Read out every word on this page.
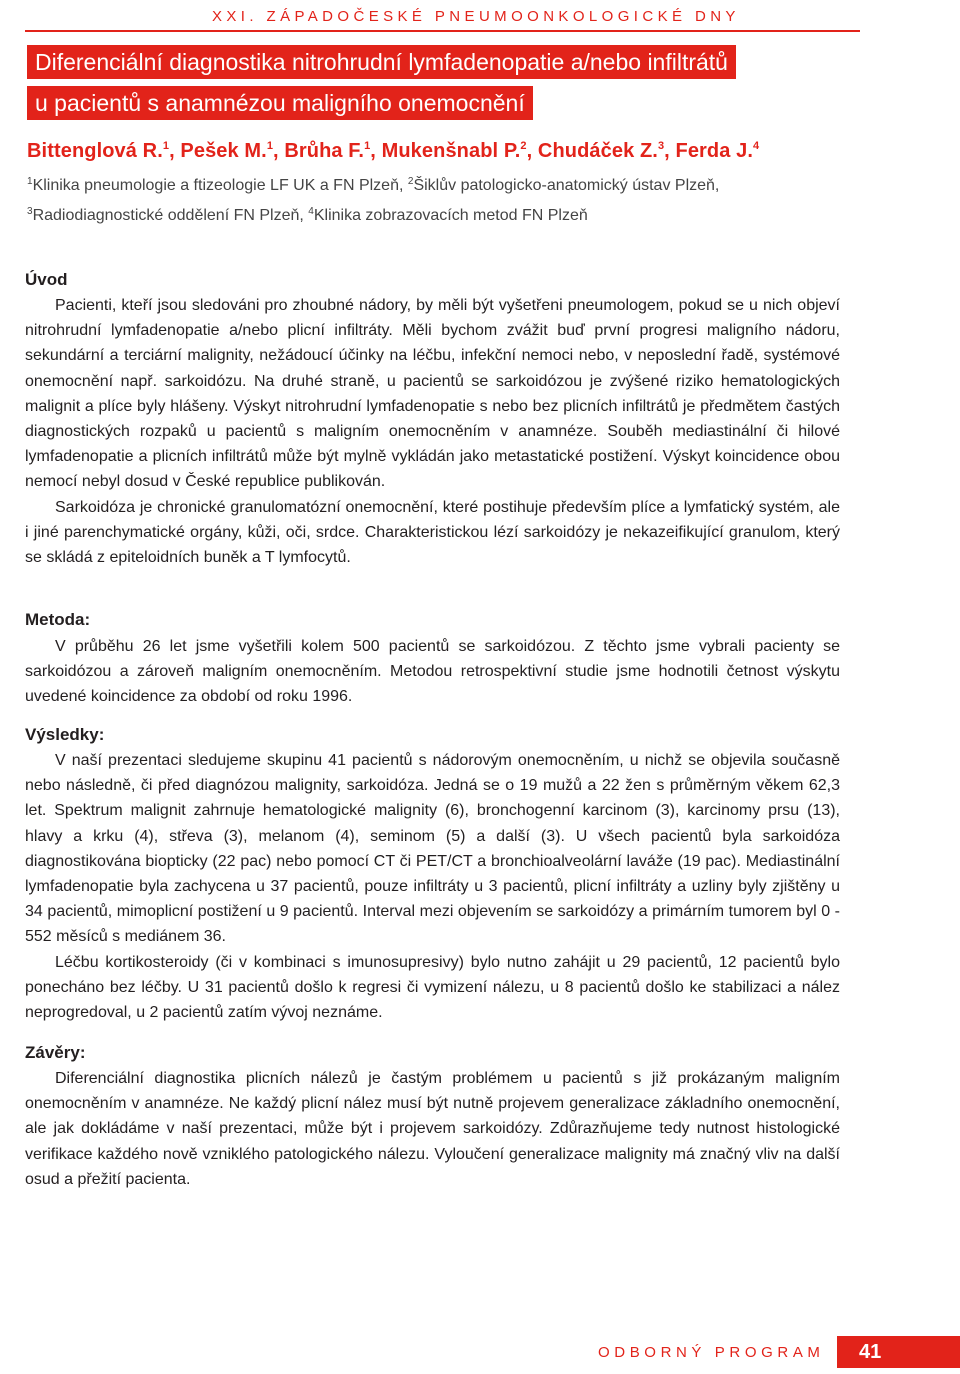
XXI. ZÁPADOČESKÉ PNEUMOONKOLOGICKÉ DNY
Diferenciální diagnostika nitrohrudní lymfadenopatie a/nebo infiltrátů
u pacientů s anamnézou maligního onemocnění
Bittenglová R.$^1$, Pešek M.$^1$, Brůha F.$^1$, Mukenšnabl P.$^2$, Chudáček Z.$^3$, Ferda J.$^4$
$^1$Klinika pneumologie a ftizeologie LF UK a FN Plzeň, $^2$Šiklův patologicko-anatomický ústav Plzeň,
$^3$Radiodiagnostické oddělení FN Plzeň, $^4$Klinika zobrazovacích metod FN Plzeň
Úvod

Pacienti, kteří jsou sledováni pro zhoubné nádory, by měli být vyšetřeni pneumologem, pokud se u nich objeví nitrohrudní lymfadenopatie a/nebo plicní infiltráty. Měli bychom zvážit buď první progresi maligního nádoru, sekundární a terciární malignity, nežádoucí účinky na léčbu, infekční nemoci nebo, v neposlední řadě, systémové onemocnění např. sarkoidózu. Na druhé straně, u pacientů se sarkoidózou je zvýšené riziko hematologických malignit a plíce byly hlášeny. Výskyt nitrohrudní lymfadenopatie s nebo bez plicních infiltrátů je předmětem častých diagnostických rozpaků u pacientů s maligním onemocněním v anamnéze. Souběh mediastinální či hilové lymfadenopatie a plicních infiltrátů může být mylně vykládán jako metastatické postižení. Výskyt koincidence obou nemocí nebyl dosud v České republice publikován.

Sarkoidóza je chronické granulomatózní onemocnění, které postihuje především plíce a lymfatický systém, ale i jiné parenchymatické orgány, kůži, oči, srdce. Charakteristickou lézí sarkoidózy je nekazeifikující granulom, který se skládá z epiteloidních buněk a T lymfocytů.

Metoda:

V průběhu 26 let jsme vyšetřili kolem 500 pacientů se sarkoidózou. Z těchto jsme vybrali pacienty se sarkoidózou a zároveň maligním onemocněním. Metodou retrospektivní studie jsme hodnotili četnost výskytu uvedené koincidence za období od roku 1996.

Výsledky:

V naší prezentaci sledujeme skupinu 41 pacientů s nádorovým onemocněním, u nichž se objevila současně nebo následně, či před diagnózou malignity, sarkoidóza. Jedná se o 19 mužů a 22 žen s průměrným věkem 62,3 let. Spektrum malignit zahrnuje hematologické malignity (6), bronchogenní karcinom (3), karcinomy prsu (13), hlavy a krku (4), střeva (3), melanom (4), seminom (5) a další (3). U všech pacientů byla sarkoidóza diagnostikována biopticky (22 pac) nebo pomocí CT či PET/CT a bronchioalveolární laváže (19 pac). Mediastinální lymfadenopatie byla zachycena u 37 pacientů, pouze infiltráty u 3 pacientů, plicní infiltráty a uzliny byly zjištěny u 34 pacientů, mimoplicní postižení u 9 pacientů. Interval mezi objevením se sarkoidózy a primárním tumorem byl 0 - 552 měsíců s mediánem 36.

Léčbu kortikosteroidy (či v kombinaci s imunosupresivy) bylo nutno zahájit u 29 pacientů, 12 pacientů bylo ponecháno bez léčby. U 31 pacientů došlo k regresi či vymizení nálezu, u 8 pacientů došlo ke stabilizaci a nález neprogredoval, u 2 pacientů zatím vývoj neznáme.

Závěry:

Diferenciální diagnostika plicních nálezů je častým problémem u pacientů s již prokázaným maligním onemocněním v anamnéze. Ne každý plicní nález musí být nutně projevem generalizace základního onemocnění, ale jak dokládáme v naší prezentaci, může být i projevem sarkoidózy. Zdůrazňujeme tedy nutnost histologické verifikace každého nově vzniklého patologického nálezu. Vyloučení generalizace malignity má značný vliv na další osud a přežití pacienta.

ODBORNÝ PROGRAM	41
